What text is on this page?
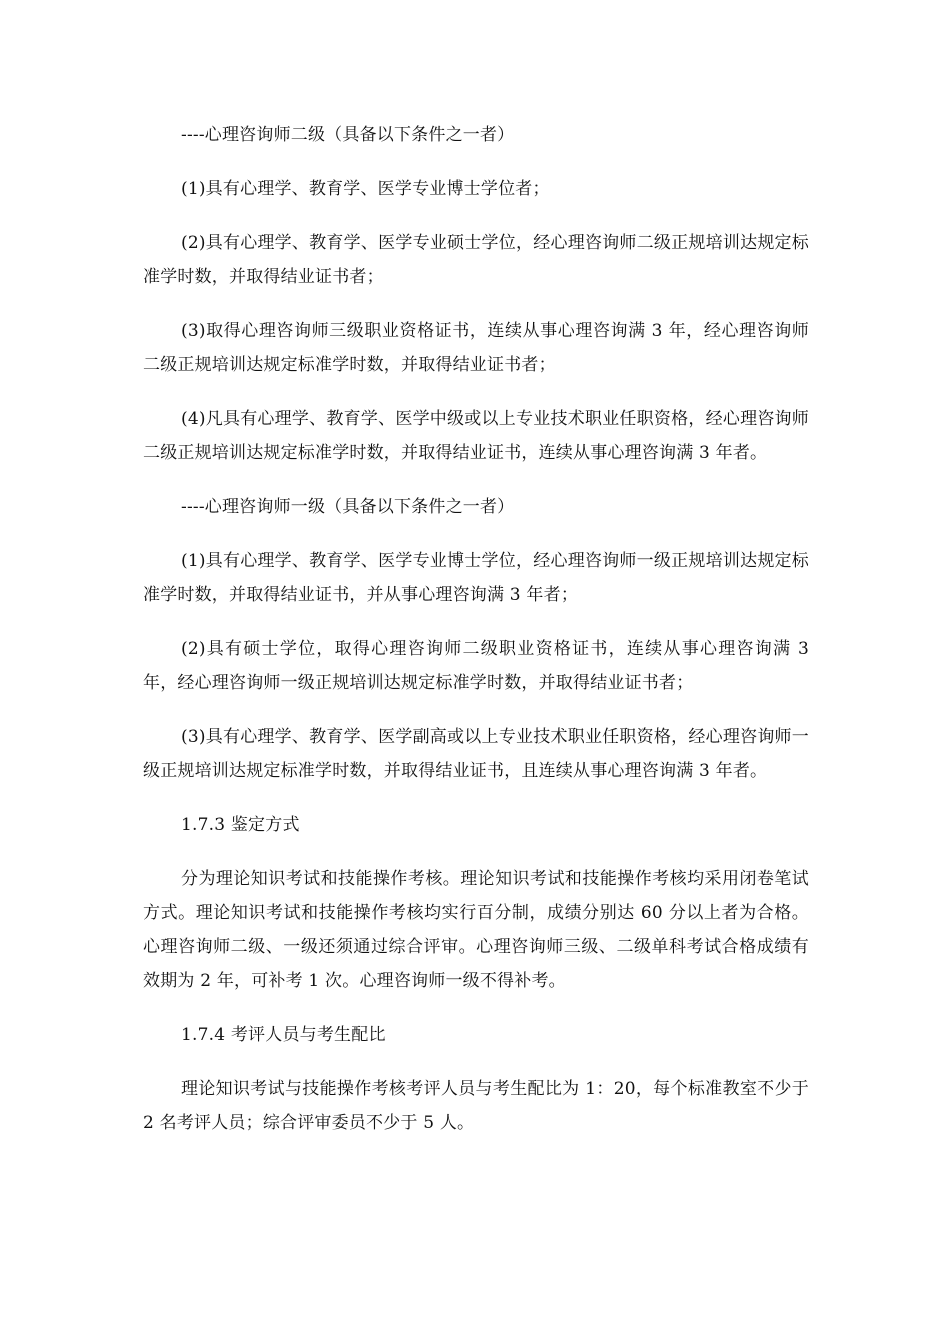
----心理咨询师二级（具备以下条件之一者）

(1)具有心理学、教育学、医学专业博士学位者；

(2)具有心理学、教育学、医学专业硕士学位，经心理咨询师二级正规培训达规定标准学时数，并取得结业证书者；

(3)取得心理咨询师三级职业资格证书，连续从事心理咨询满 3 年，经心理咨询师二级正规培训达规定标准学时数，并取得结业证书者；

(4)凡具有心理学、教育学、医学中级或以上专业技术职业任职资格，经心理咨询师二级正规培训达规定标准学时数，并取得结业证书，连续从事心理咨询满 3 年者。

----心理咨询师一级（具备以下条件之一者）

(1)具有心理学、教育学、医学专业博士学位，经心理咨询师一级正规培训达规定标准学时数，并取得结业证书，并从事心理咨询满 3 年者；

(2)具有硕士学位，取得心理咨询师二级职业资格证书，连续从事心理咨询满 3 年，经心理咨询师一级正规培训达规定标准学时数，并取得结业证书者；

(3)具有心理学、教育学、医学副高或以上专业技术职业任职资格，经心理咨询师一级正规培训达规定标准学时数，并取得结业证书，且连续从事心理咨询满 3 年者。

1.7.3 鉴定方式

分为理论知识考试和技能操作考核。理论知识考试和技能操作考核均采用闭卷笔试方式。理论知识考试和技能操作考核均实行百分制，成绩分别达 60 分以上者为合格。心理咨询师二级、一级还须通过综合评审。心理咨询师三级、二级单科考试合格成绩有效期为 2 年，可补考 1 次。心理咨询师一级不得补考。

1.7.4 考评人员与考生配比

理论知识考试与技能操作考核考评人员与考生配比为 1：20，每个标准教室不少于 2 名考评人员；综合评审委员不少于 5 人。
